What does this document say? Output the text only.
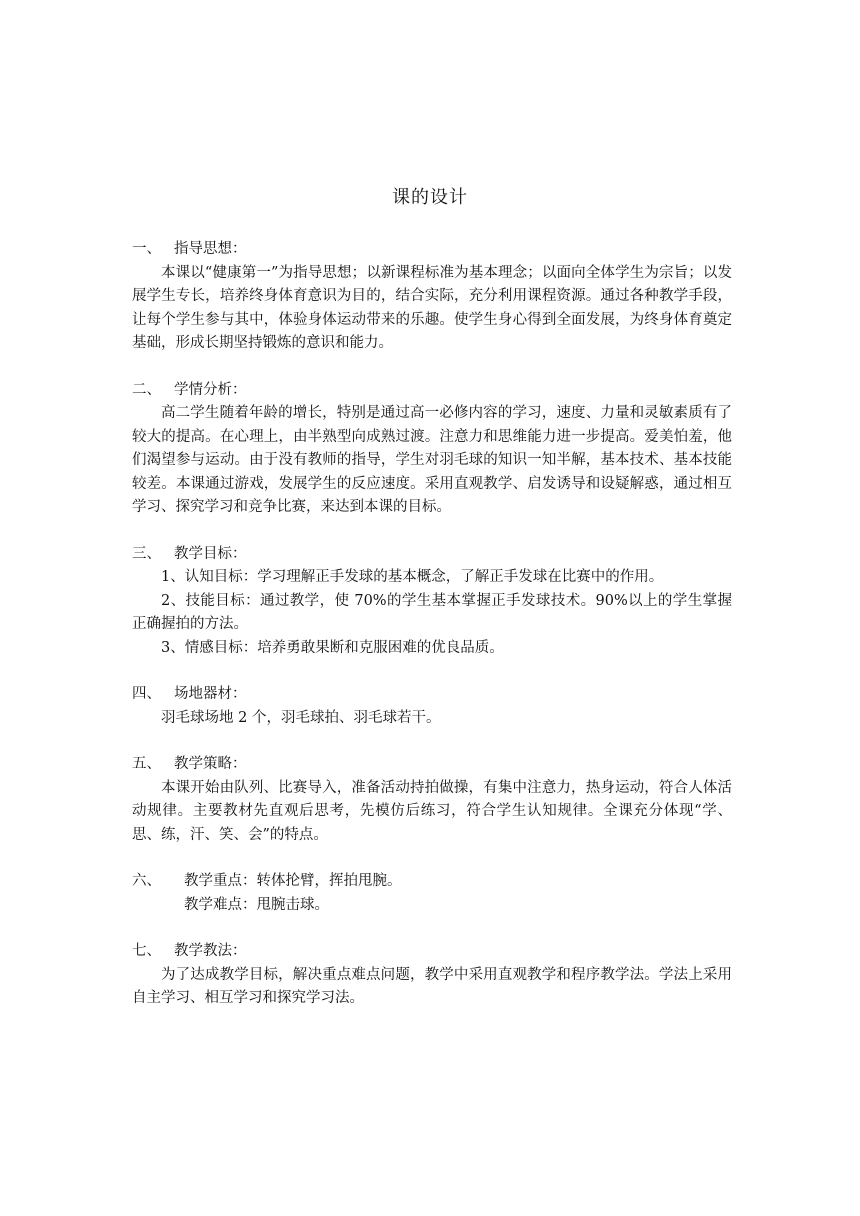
课的设计
一、 指导思想：

本课以“健康第一”为指导思想；以新课程标准为基本理念；以面向全体学生为宗旨；以发展学生专长，培养终身体育意识为目的，结合实际，充分利用课程资源。通过各种教学手段，让每个学生参与其中，体验身体运动带来的乐趣。使学生身心得到全面发展，为终身体育奠定基础，形成长期坚持锻炼的意识和能力。

二、 学情分析：

高二学生随着年龄的增长，特别是通过高一必修内容的学习，速度、力量和灵敏素质有了较大的提高。在心理上，由半熟型向成熟过渡。注意力和思维能力进一步提高。爱美怕羞，他们渴望参与运动。由于没有教师的指导，学生对羽毛球的知识一知半解，基本技术、基本技能较差。本课通过游戏，发展学生的反应速度。采用直观教学、启发诱导和设疑解惑，通过相互学习、探究学习和竞争比赛，来达到本课的目标。

三、 教学目标：

1、认知目标：学习理解正手发球的基本概念，了解正手发球在比赛中的作用。

2、技能目标：通过教学，使 70%的学生基本掌握正手发球技术。90%以上的学生掌握正确握拍的方法。

3、情感目标：培养勇敢果断和克服困难的优良品质。

四、 场地器材：

羽毛球场地 2 个，羽毛球拍、羽毛球若干。

五、 教学策略：

本课开始由队列、比赛导入，准备活动持拍做操，有集中注意力，热身运动，符合人体活动规律。主要教材先直观后思考，先模仿后练习，符合学生认知规律。全课充分体现“学、思、练，汗、笑、会”的特点。

六、	教学重点：转体抡臂，挥拍甩腕。
教学难点：甩腕击球。
七、 教学教法：

为了达成教学目标，解决重点难点问题，教学中采用直观教学和程序教学法。学法上采用自主学习、相互学习和探究学习法。
